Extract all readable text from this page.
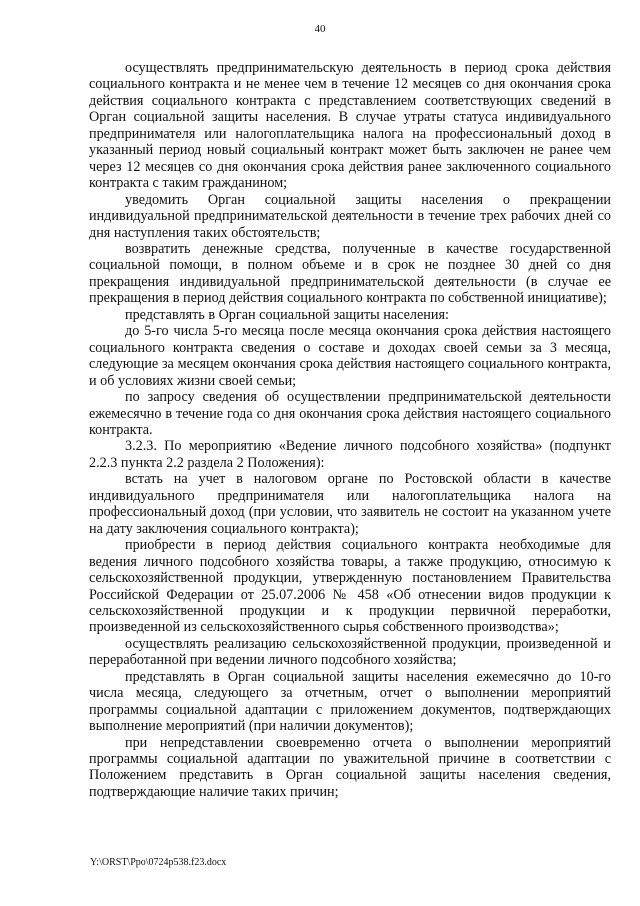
40

осуществлять предпринимательскую деятельность в период срока действия социального контракта и не менее чем в течение 12 месяцев со дня окончания срока действия социального контракта с представлением соответствующих сведений в Орган социальной защиты населения. В случае утраты статуса индивидуального предпринимателя или налогоплательщика налога на профессиональный доход в указанный период новый социальный контракт может быть заключен не ранее чем через 12 месяцев со дня окончания срока действия ранее заключенного социального контракта с таким гражданином;

уведомить Орган социальной защиты населения о прекращении индивидуальной предпринимательской деятельности в течение трех рабочих дней со дня наступления таких обстоятельств;

возвратить денежные средства, полученные в качестве государственной социальной помощи, в полном объеме и в срок не позднее 30 дней со дня прекращения индивидуальной предпринимательской деятельности (в случае ее прекращения в период действия социального контракта по собственной инициативе);

представлять в Орган социальной защиты населения:

до 5-го числа 5-го месяца после месяца окончания срока действия настоящего социального контракта сведения о составе и доходах своей семьи за 3 месяца, следующие за месяцем окончания срока действия настоящего социального контракта, и об условиях жизни своей семьи;

по запросу сведения об осуществлении предпринимательской деятельности ежемесячно в течение года со дня окончания срока действия настоящего социального контракта.

3.2.3. По мероприятию «Ведение личного подсобного хозяйства» (подпункт 2.2.3 пункта 2.2 раздела 2 Положения):

встать на учет в налоговом органе по Ростовской области в качестве индивидуального предпринимателя или налогоплательщика налога на профессиональный доход (при условии, что заявитель не состоит на указанном учете на дату заключения социального контракта);

приобрести в период действия социального контракта необходимые для ведения личного подсобного хозяйства товары, а также продукцию, относимую к сельскохозяйственной продукции, утвержденную постановлением Правительства Российской Федерации от 25.07.2006 № 458 «Об отнесении видов продукции к сельскохозяйственной продукции и к продукции первичной переработки, произведенной из сельскохозяйственного сырья собственного производства»;

осуществлять реализацию сельскохозяйственной продукции, произведенной и переработанной при ведении личного подсобного хозяйства;

представлять в Орган социальной защиты населения ежемесячно до 10-го числа месяца, следующего за отчетным, отчет о выполнении мероприятий программы социальной адаптации с приложением документов, подтверждающих выполнение мероприятий (при наличии документов);

при непредставлении своевременно отчета о выполнении мероприятий программы социальной адаптации по уважительной причине в соответствии с Положением представить в Орган социальной защиты населения сведения, подтверждающие наличие таких причин;

Y:\ORST\Ppo\0724p538.f23.docx
